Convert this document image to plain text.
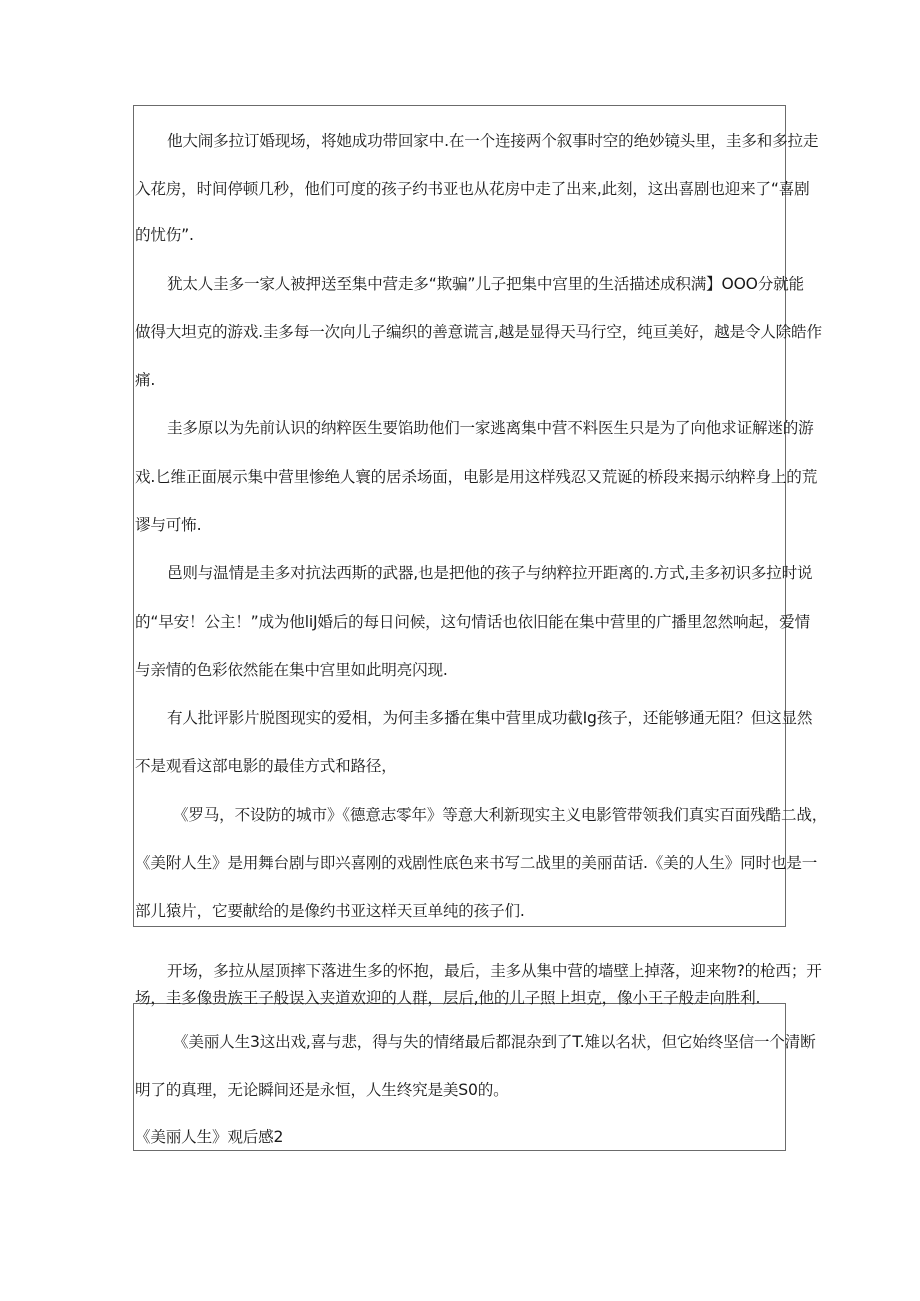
他大闹多拉订婚现场，将她成功带回家中.在一个连接两个叙事时空的绝妙镜头里，圭多和多拉走
入花房，时间停顿几秒，他们可度的孩子约书亚也从花房中走了出来,此刻，这出喜剧也迎来了“喜剧
的忧伤”.
犹太人圭多一家人被押送至集中营走多“欺骗”儿子把集中宫里的生活描述成积满】OOO分就能
做得大坦克的游戏.圭多每一次向儿子编织的善意谎言,越是显得天马行空，纯亘美好，越是令人除皓作
痛.
圭多原以为先前认识的纳粹医生要馅助他们一家逃离集中营不料医生只是为了向他求证解迷的游
戏.匕维正面展示集中营里惨绝人寰的居杀场面，电影是用这样残忍又荒诞的桥段来揭示纳粹身上的荒
谬与可怖.
邑则与温情是圭多对抗法西斯的武器,也是把他的孩子与纳粹拉开距离的.方式,圭多初识多拉时说
的“早安！公主！”成为他liJ婚后的每日问候，这句情话也依旧能在集中营里的广播里忽然响起，爱情
与亲情的色彩依然能在集中宫里如此明亮闪现.
有人批评影片脱图现实的爱相，为何圭多播在集中营里成功截Ig孩子，还能够通无阻？但这显然
不是观看这部电影的最佳方式和路径，
《罗马，不设防的城市》《德意志零年》等意大利新现实主义电影管带领我们真实百面残酷二战，
《美附人生》是用舞台剧与即兴喜刚的戏剧性底色来书写二战里的美丽苗话.《美的人生》同时也是一
部儿猿片，它要献给的是像约书亚这样天亘单纯的孩子们.
开场，多拉从屋顶摔下落进生多的怀抱，最后，圭多从集中营的墙壁上掉落，迎来物?的枪西；开
场，圭多像贵族王子般误入夹道欢迎的人群，层后,他的儿子照上坦克，像小王子般走向胜利.
《美丽人生3这出戏,喜与悲，得与失的情绪最后都混杂到了T.雉以名状，但它始终坚信一个清断
明了的真理，无论瞬间还是永恒，人生终究是美S0的。
《美丽人生》观后感2
